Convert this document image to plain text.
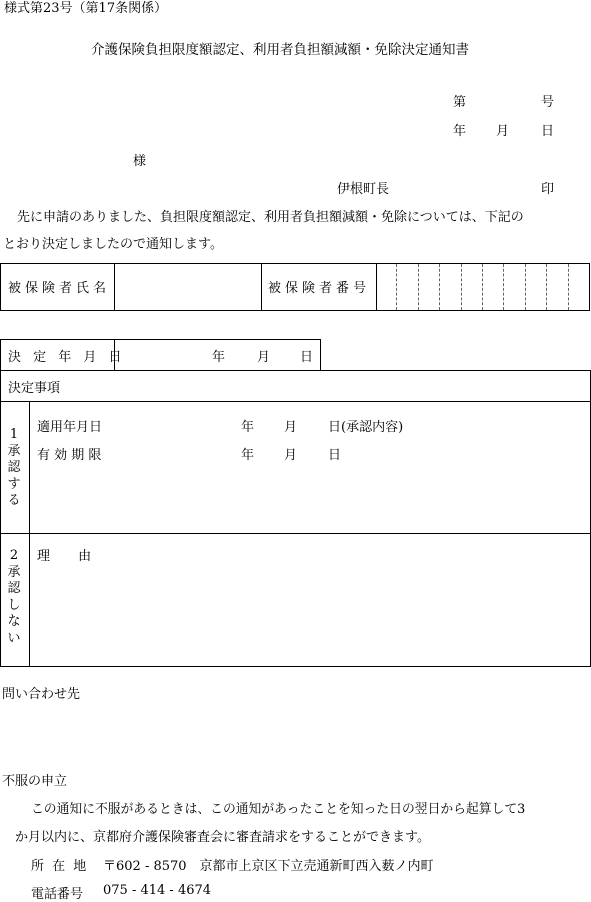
様式第23号（第17条関係）
介護保険負担限度額認定、利用者負担額減額・免除決定通知書
第	号
年 月 日
様
伊根町長	印
先に申請のありました、負担限度額認定、利用者負担額減額・免除については、下記の
とおり決定しましたので通知します。
被保険者氏名	被保険者番号
決 定 年 月 日	年 月 日
決定事項
1承認する
適用年月日	年 月 日(承認内容)
有 効 期 限	年 月 日
2承認しない
理 由
問い合わせ先
不服の申立
この通知に不服があるときは、この通知があったことを知った日の翌日から起算して3
か月以内に、京都府介護保険審査会に審査請求をすることができます。
所 在 地 〒602 - 8570　京都市上京区下立売通新町西入薮ノ内町
電話番号 075 - 414 - 4674
